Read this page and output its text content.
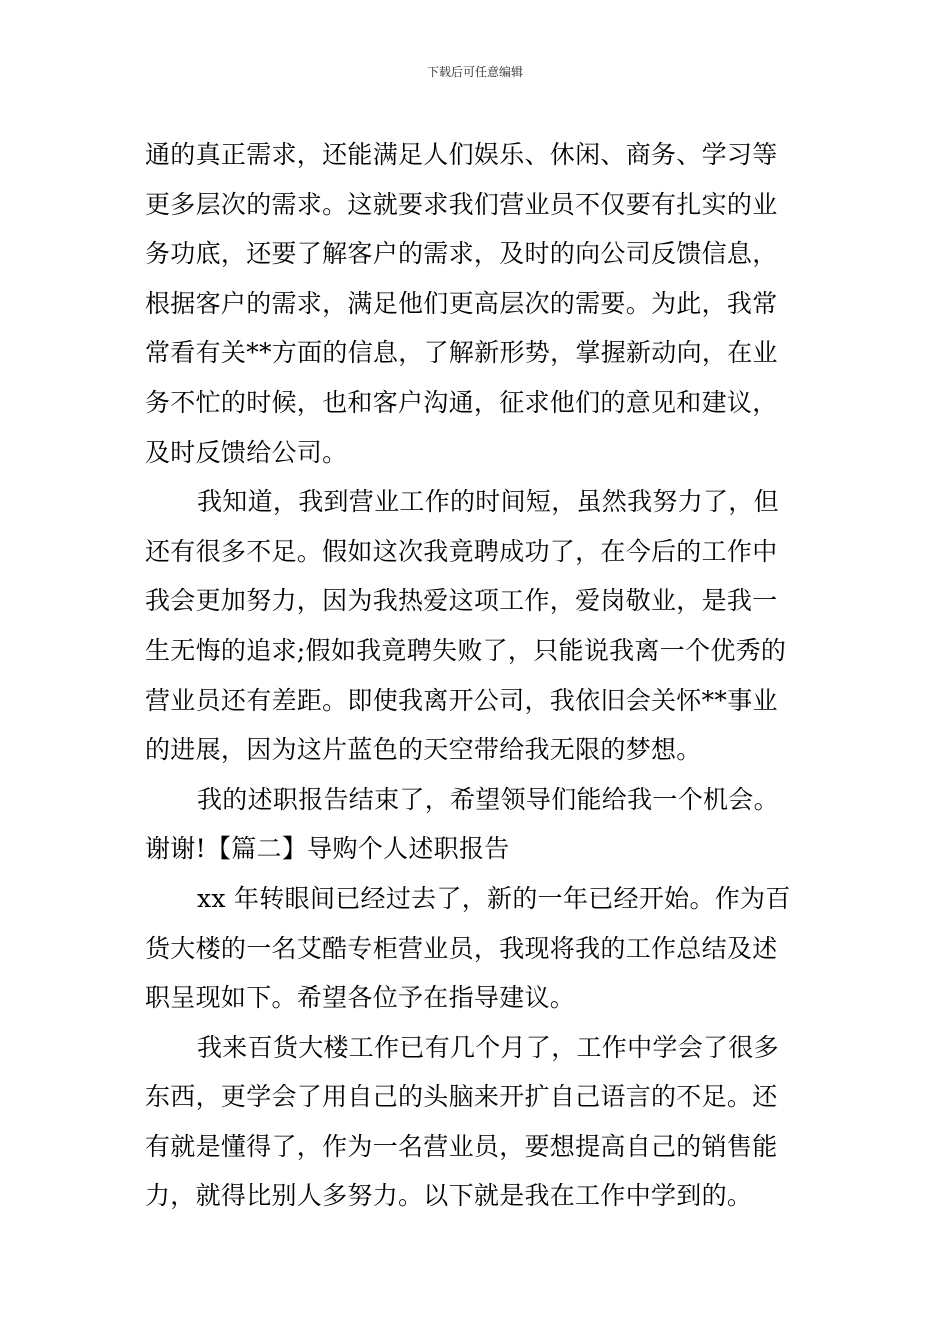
下载后可任意编辑
通的真正需求，还能满足人们娱乐、休闲、商务、学习等
更多层次的需求。这就要求我们营业员不仅要有扎实的业
务功底，还要了解客户的需求，及时的向公司反馈信息，
根据客户的需求，满足他们更高层次的需要。为此，我常
常看有关**方面的信息，了解新形势，掌握新动向，在业
务不忙的时候，也和客户沟通，征求他们的意见和建议，
及时反馈给公司。
我知道，我到营业工作的时间短，虽然我努力了，但
还有很多不足。假如这次我竟聘成功了，在今后的工作中
我会更加努力，因为我热爱这项工作，爱岗敬业，是我一
生无悔的追求;假如我竟聘失败了，只能说我离一个优秀的
营业员还有差距。即使我离开公司，我依旧会关怀**事业
的进展，因为这片蓝色的天空带给我无限的梦想。
我的述职报告结束了，希望领导们能给我一个机会。
谢谢!【篇二】导购个人述职报告
xx 年转眼间已经过去了，新的一年已经开始。作为百
货大楼的一名艾酷专柜营业员，我现将我的工作总结及述
职呈现如下。希望各位予在指导建议。
我来百货大楼工作已有几个月了，工作中学会了很多
东西，更学会了用自己的头脑来开扩自己语言的不足。还
有就是懂得了，作为一名营业员，要想提高自己的销售能
力，就得比别人多努力。以下就是我在工作中学到的。
